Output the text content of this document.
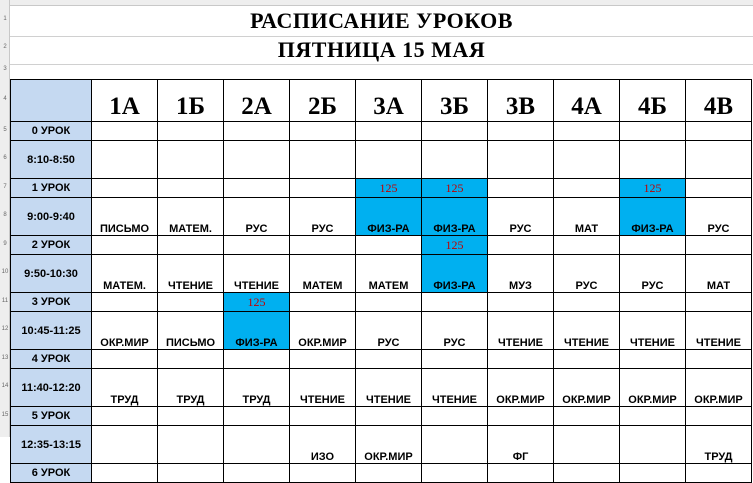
1
2
3
4
5
6
7
8
9
10
11
12
13
14
15
РАСПИСАНИЕ УРОКОВ
ПЯТНИЦА 15 МАЯ
	1А	1Б	2А	2Б	3А	3Б	3В	4А	4Б	4В
0 УРОК										
8:10-8:50										
1 УРОК					125	125			125	
9:00-9:40	ПИСЬМО	МАТЕМ.	РУС	РУС	ФИЗ-РА	ФИЗ-РА	РУС	МАТ	ФИЗ-РА	РУС
2 УРОК						125				
9:50-10:30	МАТЕМ.	ЧТЕНИЕ	ЧТЕНИЕ	МАТЕМ	МАТЕМ	ФИЗ-РА	МУЗ	РУС	РУС	МАТ
3 УРОК			125							
10:45-11:25	ОКР.МИР	ПИСЬМО	ФИЗ-РА	ОКР.МИР	РУС	РУС	ЧТЕНИЕ	ЧТЕНИЕ	ЧТЕНИЕ	ЧТЕНИЕ
4 УРОК										
11:40-12:20	ТРУД	ТРУД	ТРУД	ЧТЕНИЕ	ЧТЕНИЕ	ЧТЕНИЕ	ОКР.МИР	ОКР.МИР	ОКР.МИР	ОКР.МИР
5 УРОК										
12:35-13:15				ИЗО	ОКР.МИР		ФГ			ТРУД
6 УРОК										
